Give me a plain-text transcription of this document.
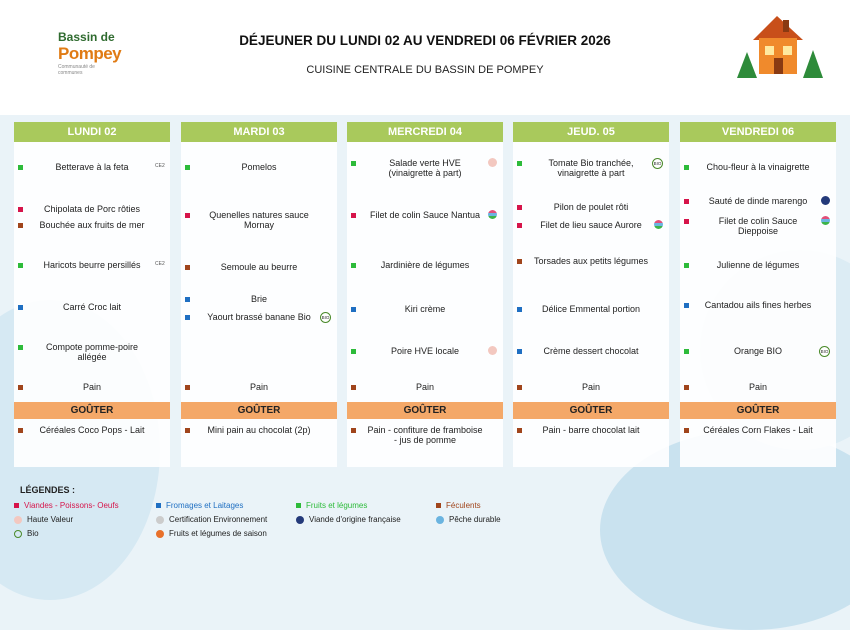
Bassin de
Pompey
Communauté de communes
DÉJEUNER DU LUNDI 02 AU VENDREDI 06 FÉVRIER 2026
CUISINE CENTRALE DU BASSIN DE POMPEY
LUNDI 02
Betterave à la feta	CE2
Chipolata de Porc rôties
Bouchée aux fruits de mer
Haricots beurre persillés	CE2
Carré Croc lait
Compote pomme-poire allégée
Pain
GOÛTER
Céréales Coco Pops - Lait
MARDI 03
Pomelos
Quenelles natures sauce Mornay
Semoule au beurre
Brie
Yaourt brassé banane Bio	BIO
Pain
GOÛTER
Mini pain au chocolat (2p)
MERCREDI 04
Salade verte HVE (vinaigrette à part)
Filet de colin Sauce Nantua
Jardinière de légumes
Kiri crème
Poire HVE locale
Pain
GOÛTER
Pain - confiture de framboise - jus de pomme
JEUD. 05
Tomate Bio tranchée, vinaigrette à part
BIO
Pilon de poulet rôti
Filet de lieu sauce Aurore
Torsades aux petits légumes
Délice Emmental portion
Crème dessert chocolat
Pain
GOÛTER
Pain - barre chocolat lait
VENDREDI 06
Chou-fleur à la vinaigrette
Sauté de dinde marengo
Filet de colin Sauce Dieppoise
Julienne de légumes
Cantadou ails fines herbes
Orange BIO	BIO
Pain
GOÛTER
Céréales Corn Flakes - Lait
LÉGENDES :
Viandes - Poissons- Oeufs	Fromages et Laitages	Fruits et légumes	Féculents
Haute Valeur	Certification Environnement	Viande d'origine française	Pêche durable
Bio	Fruits et légumes de saison
